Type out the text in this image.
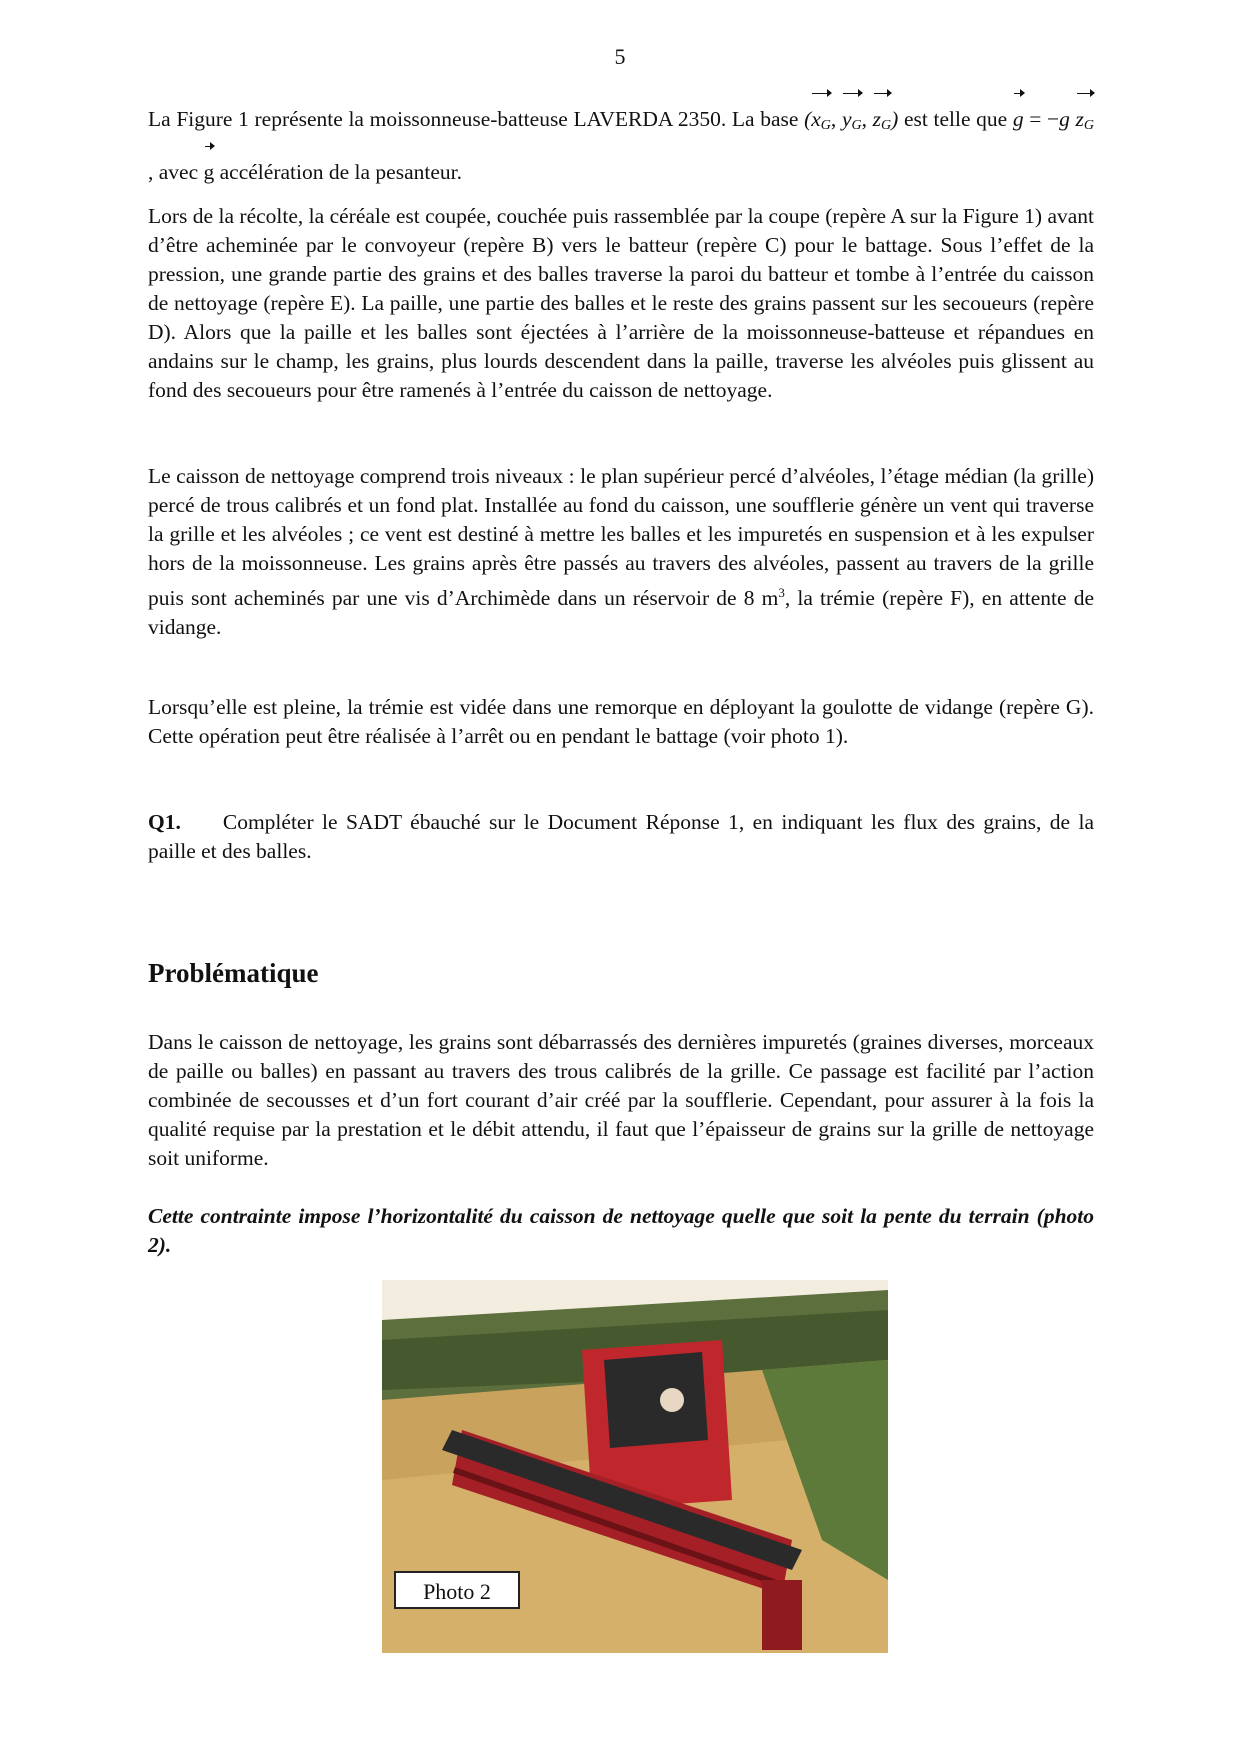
5

La Figure 1 représente la moissonneuse-batteuse LAVERDA 2350. La base ($x_G$, $y_G$, $z_G$) est telle que g = −g $z_G$ , avec g accélération de la pesanteur.

Lors de la récolte, la céréale est coupée, couchée puis rassemblée par la coupe (repère A sur la Figure 1) avant d’être acheminée par le convoyeur (repère B) vers le batteur (repère C) pour le battage. Sous l’effet de la pression, une grande partie des grains et des balles traverse la paroi du batteur et tombe à l’entrée du caisson de nettoyage (repère E). La paille, une partie des balles et le reste des grains passent sur les secoueurs (repère D). Alors que la paille et les balles sont éjectées à l’arrière de la moissonneuse-batteuse et répandues en andains sur le champ, les grains, plus lourds descendent dans la paille, traverse les alvéoles puis glissent au fond des secoueurs pour être ramenés à l’entrée du caisson de nettoyage.

Le caisson de nettoyage comprend trois niveaux : le plan supérieur percé d’alvéoles, l’étage médian (la grille) percé de trous calibrés et un fond plat. Installée au fond du caisson, une soufflerie génère un vent qui traverse la grille et les alvéoles ; ce vent est destiné à mettre les balles et les impuretés en suspension et à les expulser hors de la moissonneuse. Les grains après être passés au travers des alvéoles, passent au travers de la grille puis sont acheminés par une vis d’Archimède dans un réservoir de 8 $m^3$, la trémie (repère F), en attente de vidange.

Lorsqu’elle est pleine, la trémie est vidée dans une remorque en déployant la goulotte de vidange (repère G). Cette opération peut être réalisée à l’arrêt ou en pendant le battage (voir photo 1).

Q1. Compléter le SADT ébauché sur le Document Réponse 1, en indiquant les flux des grains, de la paille et des balles.

Problématique

Dans le caisson de nettoyage, les grains sont débarrassés des dernières impuretés (graines diverses, morceaux de paille ou balles) en passant au travers des trous calibrés de la grille. Ce passage est facilité par l’action combinée de secousses et d’un fort courant d’air créé par la soufflerie. Cependant, pour assurer à la fois la qualité requise par la prestation et le débit attendu, il faut que l’épaisseur de grains sur la grille de nettoyage soit uniforme.

Cette contrainte impose l’horizontalité du caisson de nettoyage quelle que soit la pente du terrain (photo 2).

Photo 2
